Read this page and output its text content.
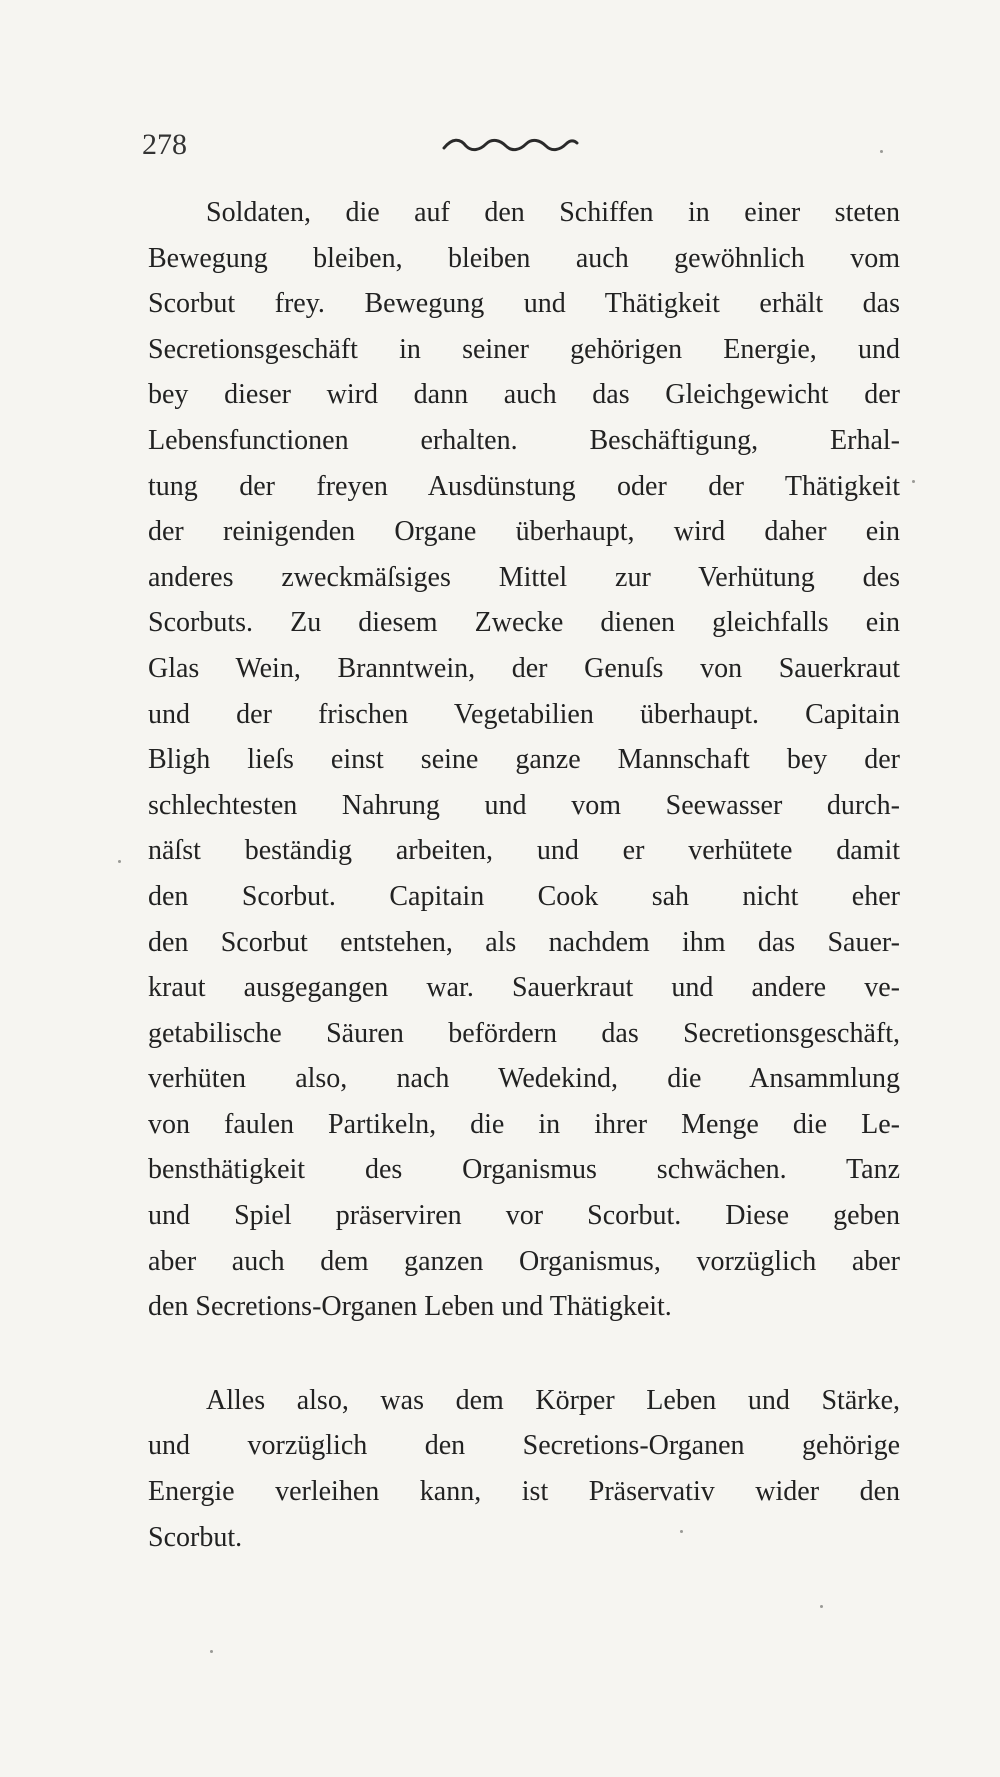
278
Soldaten, die auf den Schiffen in einer steten
Bewegung bleiben, bleiben auch gewöhnlich vom
Scorbut frey. Bewegung und Thätigkeit erhält das
Secretionsgeschäft in seiner gehörigen Energie, und
bey dieser wird dann auch das Gleichgewicht der
Lebensfunctionen erhalten. Beschäftigung, Erhal-
tung der freyen Ausdünstung oder der Thätigkeit
der reinigenden Organe überhaupt, wird daher ein
anderes zweckmäſsiges Mittel zur Verhütung des
Scorbuts. Zu diesem Zwecke dienen gleichfalls ein
Glas Wein, Branntwein, der Genuſs von Sauerkraut
und der frischen Vegetabilien überhaupt. Capitain
Bligh lieſs einst seine ganze Mannschaft bey der
schlechtesten Nahrung und vom Seewasser durch-
näſst beständig arbeiten, und er verhütete damit
den Scorbut. Capitain Cook sah nicht eher
den Scorbut entstehen, als nachdem ihm das Sauer-
kraut ausgegangen war. Sauerkraut und andere ve-
getabilische Säuren befördern das Secretionsgeschäft,
verhüten also, nach Wedekind, die Ansammlung
von faulen Partikeln, die in ihrer Menge die Le-
bensthätigkeit des Organismus schwächen. Tanz
und Spiel präserviren vor Scorbut. Diese geben
aber auch dem ganzen Organismus, vorzüglich aber
den Secretions-Organen Leben und Thätigkeit.
Alles also, was dem Körper Leben und Stärke,
und vorzüglich den Secretions-Organen gehörige
Energie verleihen kann, ist Präservativ wider den
Scorbut.
